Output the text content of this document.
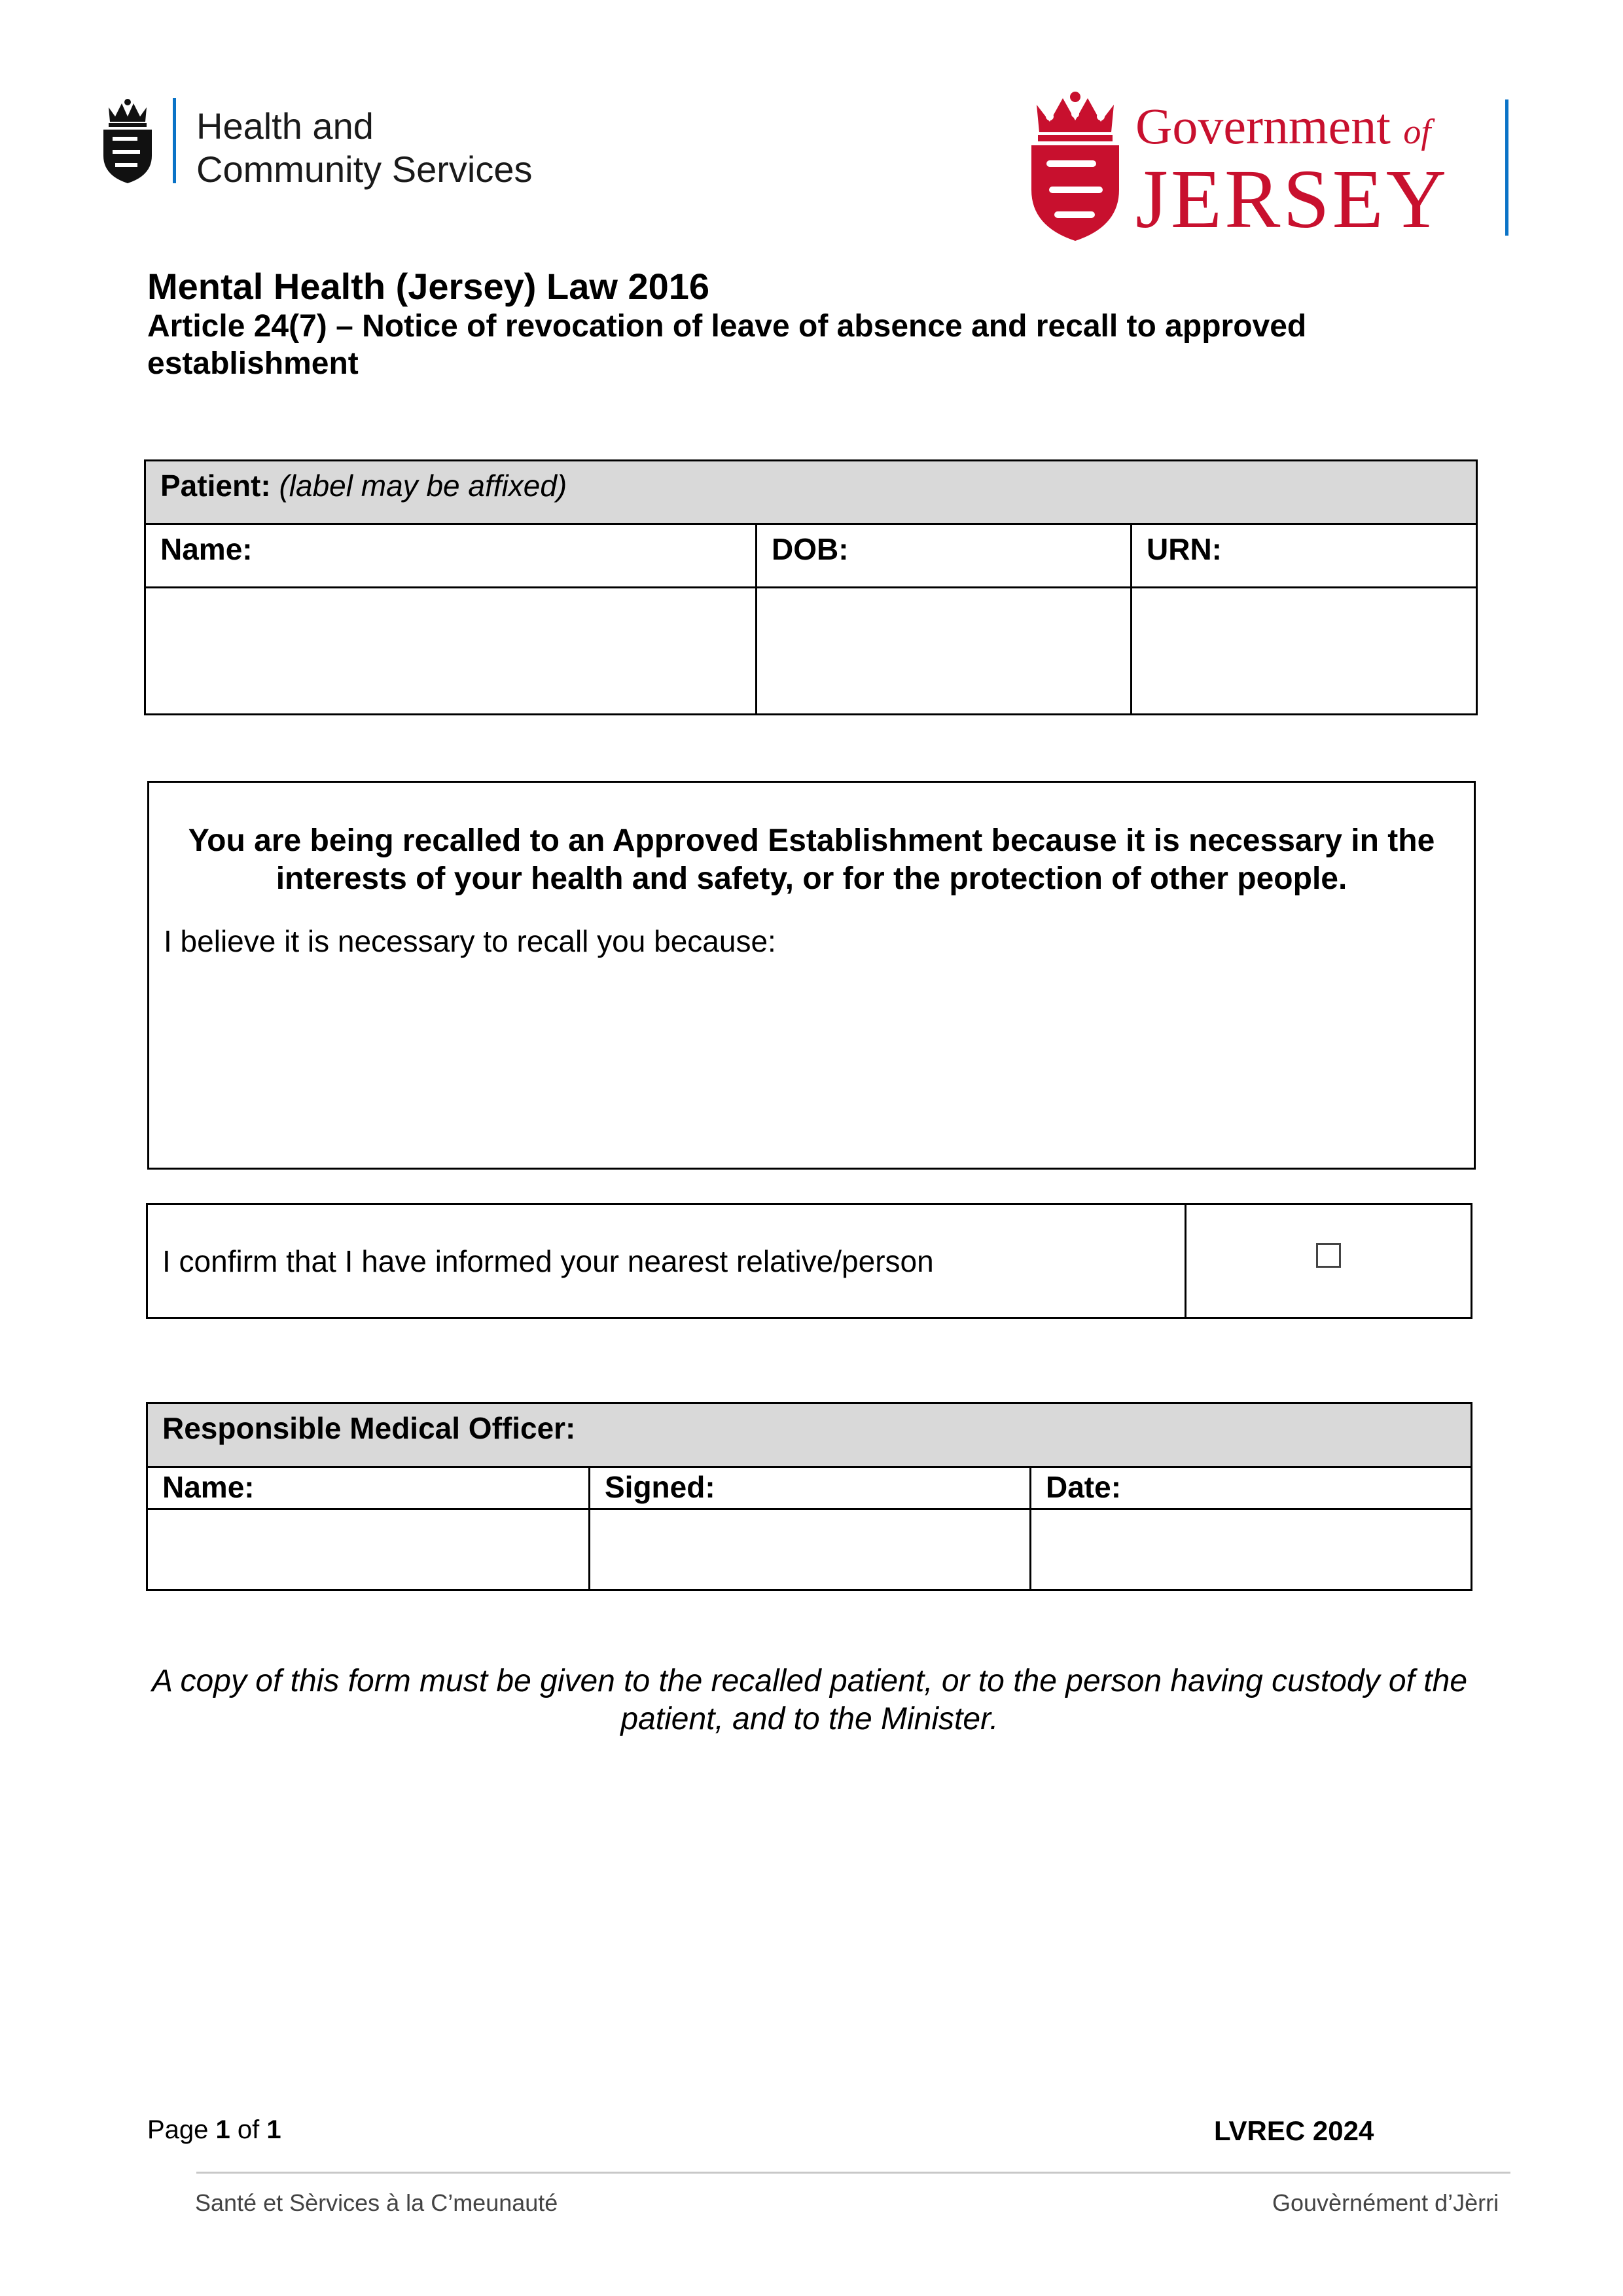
Health and
Community Services
Government of
JERSEY
Mental Health (Jersey) Law 2016
Article 24(7) – Notice of revocation of leave of absence and recall to approved establishment
Patient: (label may be affixed)		
Name:	DOB:	URN:

You are being recalled to an Approved Establishment because it is necessary in the interests of your health and safety, or for the protection of other people.
I believe it is necessary to recall you because:
I confirm that I have informed your nearest relative/person	
Responsible Medical Officer:		
Name:	Signed:	Date:

A copy of this form must be given to the recalled patient, or to the person having custody of the patient, and to the Minister.
Page 1 of 1	LVREC 2024
Santé et Sèrvices à la C’meunauté	Gouvèrnément d’Jèrri
